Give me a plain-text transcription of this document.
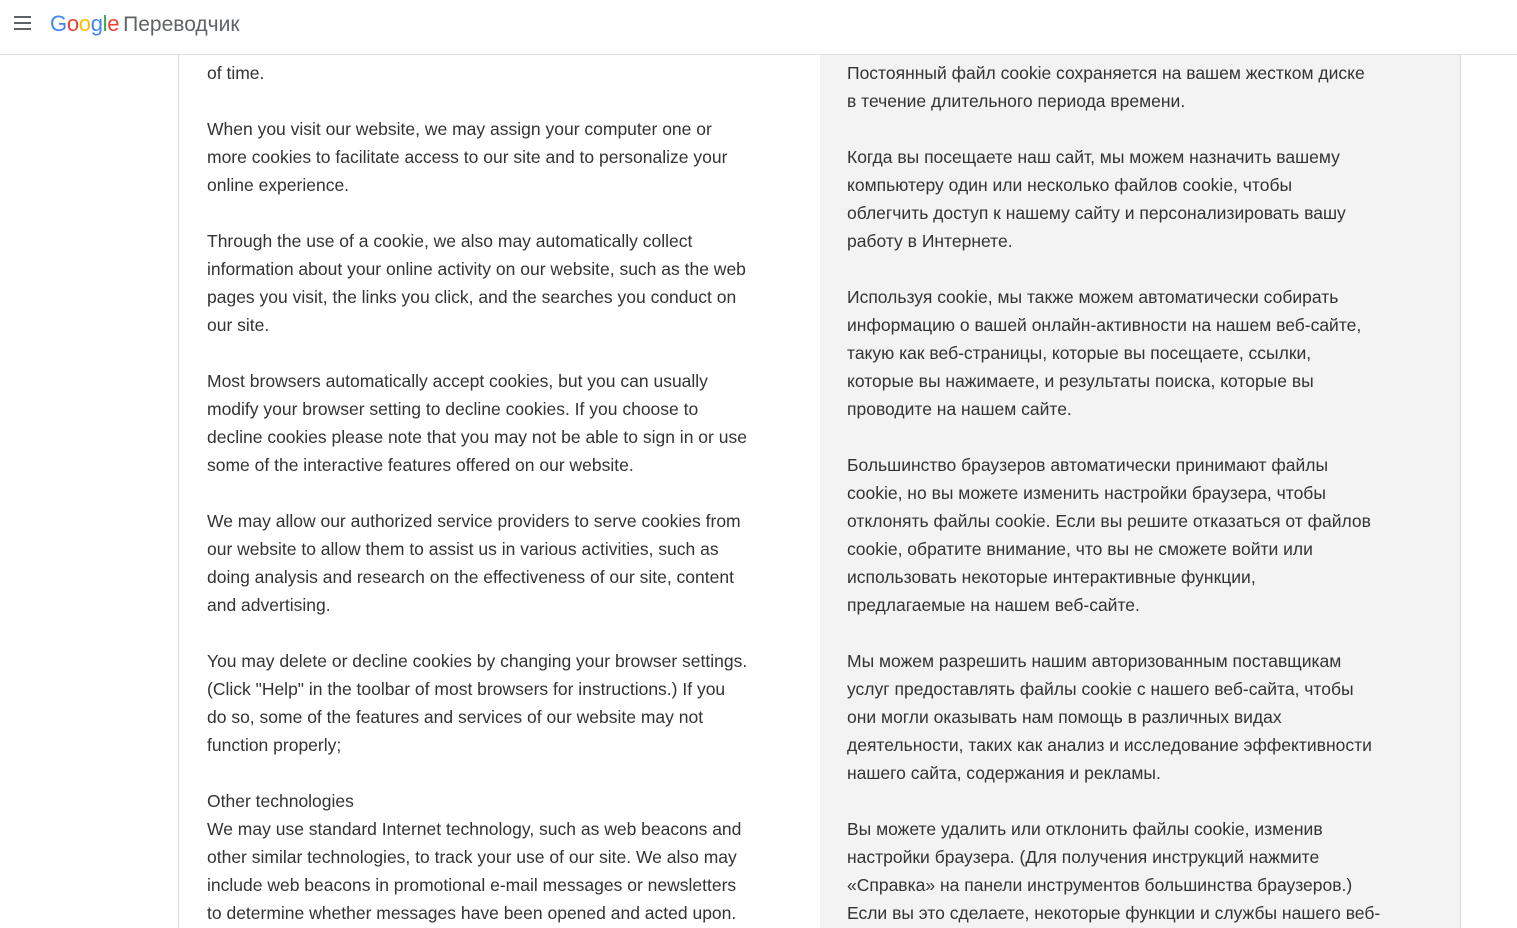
Google Переводчик

of time.

When you visit our website, we may assign your computer one or
more cookies to facilitate access to our site and to personalize your
online experience.

Through the use of a cookie, we also may automatically collect
information about your online activity on our website, such as the web
pages you visit, the links you click, and the searches you conduct on
our site.

Most browsers automatically accept cookies, but you can usually
modify your browser setting to decline cookies. If you choose to
decline cookies please note that you may not be able to sign in or use
some of the interactive features offered on our website.

We may allow our authorized service providers to serve cookies from
our website to allow them to assist us in various activities, such as
doing analysis and research on the effectiveness of our site, content
and advertising.

You may delete or decline cookies by changing your browser settings.
(Click "Help" in the toolbar of most browsers for instructions.) If you
do so, some of the features and services of our website may not
function properly;

Other technologies
We may use standard Internet technology, such as web beacons and
other similar technologies, to track your use of our site. We also may
include web beacons in promotional e-mail messages or newsletters
to determine whether messages have been opened and acted upon.

Постоянный файл cookie сохраняется на вашем жестком диске
в течение длительного периода времени.

Когда вы посещаете наш сайт, мы можем назначить вашему
компьютеру один или несколько файлов cookie, чтобы
облегчить доступ к нашему сайту и персонализировать вашу
работу в Интернете.

Используя cookie, мы также можем автоматически собирать
информацию о вашей онлайн-активности на нашем веб-сайте,
такую как веб-страницы, которые вы посещаете, ссылки,
которые вы нажимаете, и результаты поиска, которые вы
проводите на нашем сайте.

Большинство браузеров автоматически принимают файлы
cookie, но вы можете изменить настройки браузера, чтобы
отклонять файлы cookie. Если вы решите отказаться от файлов
cookie, обратите внимание, что вы не сможете войти или
использовать некоторые интерактивные функции,
предлагаемые на нашем веб-сайте.

Мы можем разрешить нашим авторизованным поставщикам
услуг предоставлять файлы cookie с нашего веб-сайта, чтобы
они могли оказывать нам помощь в различных видах
деятельности, таких как анализ и исследование эффективности
нашего сайта, содержания и рекламы.

Вы можете удалить или отклонить файлы cookie, изменив
настройки браузера. (Для получения инструкций нажмите
«Справка» на панели инструментов большинства браузеров.)
Если вы это сделаете, некоторые функции и службы нашего веб-
